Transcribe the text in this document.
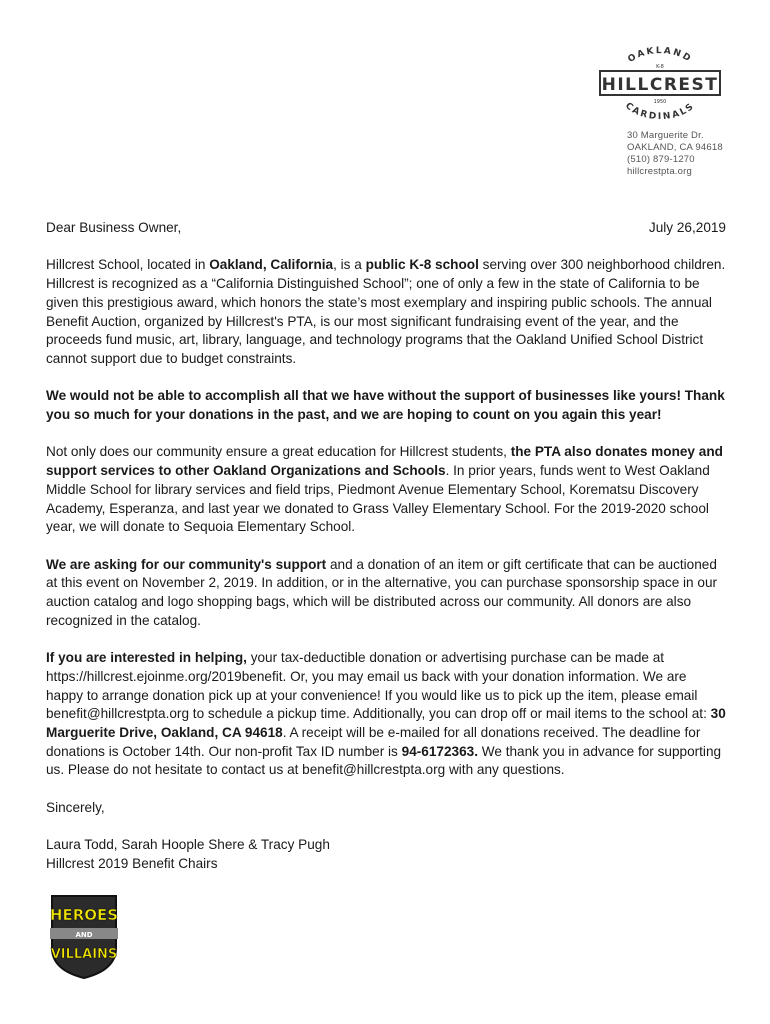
OAKLAND
K-8
HILLCREST
1950
CARDINALS
30 Marguerite Dr.
OAKLAND, CA 94618
(510) 879-1270
hillcrestpta.org

Dear Business Owner,	July 26,2019

Hillcrest School, located in Oakland, California, is a public K-8 school serving over 300 neighborhood children. Hillcrest is recognized as a “California Distinguished School”; one of only a few in the state of California to be given this prestigious award, which honors the state’s most exemplary and inspiring public schools. The annual Benefit Auction, organized by Hillcrest's PTA, is our most significant fundraising event of the year, and the proceeds fund music, art, library, language, and technology programs that the Oakland Unified School District cannot support due to budget constraints.

We would not be able to accomplish all that we have without the support of businesses like yours! Thank you so much for your donations in the past, and we are hoping to count on you again this year!

Not only does our community ensure a great education for Hillcrest students, the PTA also donates money and support services to other Oakland Organizations and Schools. In prior years, funds went to West Oakland Middle School for library services and field trips, Piedmont Avenue Elementary School, Korematsu Discovery Academy, Esperanza, and last year we donated to Grass Valley Elementary School. For the 2019-2020 school year, we will donate to Sequoia Elementary School.

We are asking for our community's support and a donation of an item or gift certificate that can be auctioned at this event on November 2, 2019. In addition, or in the alternative, you can purchase sponsorship space in our auction catalog and logo shopping bags, which will be distributed across our community. All donors are also recognized in the catalog.

If you are interested in helping, your tax-deductible donation or advertising purchase can be made at https://hillcrest.ejoinme.org/2019benefit. Or, you may email us back with your donation information. We are happy to arrange donation pick up at your convenience! If you would like us to pick up the item, please email benefit@hillcrestpta.org to schedule a pickup time. Additionally, you can drop off or mail items to the school at: 30 Marguerite Drive, Oakland, CA 94618. A receipt will be e-mailed for all donations received. The deadline for donations is October 14th. Our non-profit Tax ID number is 94-6172363. We thank you in advance for supporting us. Please do not hesitate to contact us at benefit@hillcrestpta.org with any questions.

Sincerely,

Laura Todd, Sarah Hoople Shere & Tracy Pugh
Hillcrest 2019 Benefit Chairs
HEROES
AND
VILLAINS
